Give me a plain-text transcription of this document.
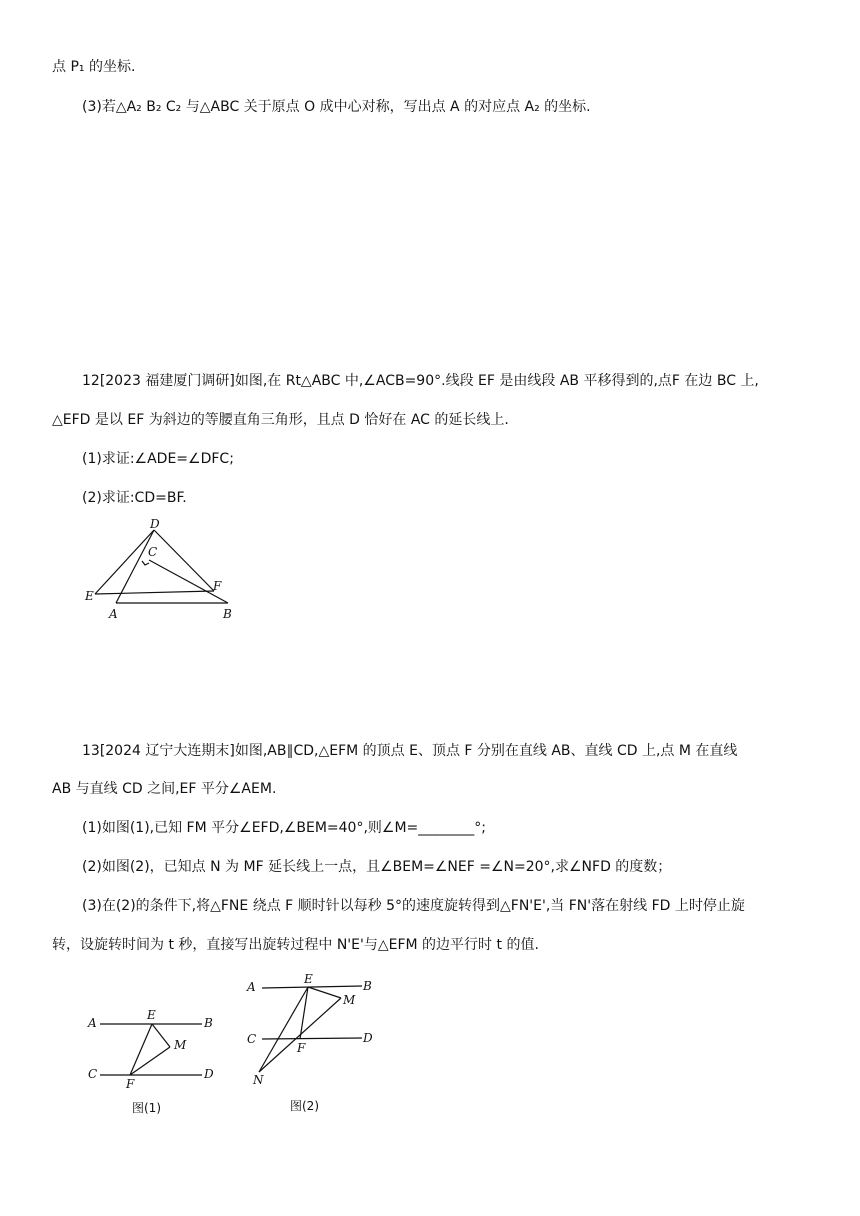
点 P₁ 的坐标.
(3)若△A₂ B₂ C₂ 与△ABC 关于原点 O 成中心对称，写出点 A 的对应点 A₂ 的坐标.
12[2023 福建厦门调研]如图,在 Rt△ABC 中,∠ACB=90°.线段 EF 是由线段 AB 平移得到的,点F 在边 BC 上,
△EFD 是以 EF 为斜边的等腰直角三角形，且点 D 恰好在 AC 的延长线上.
(1)求证:∠ADE=∠DFC;
(2)求证:CD=BF.
D
C
E
F
A	B
13[2024 辽宁大连期末]如图,AB∥CD,△EFM 的顶点 E、顶点 F 分别在直线 AB、直线 CD 上,点 M 在直线
AB 与直线 CD 之间,EF 平分∠AEM.
(1)如图(1),已知 FM 平分∠EFD,∠BEM=40°,则∠M=________°;
(2)如图(2)，已知点 N 为 MF 延长线上一点，且∠BEM=∠NEF =∠N=20°,求∠NFD 的度数；
(3)在(2)的条件下,将△FNE 绕点 F 顺时针以每秒 5°的速度旋转得到△FN'E',当 FN'落在射线 FD 上时停止旋
转，设旋转时间为 t 秒，直接写出旋转过程中 N'E'与△EFM 的边平行时 t 的值.
A	B
E
M
C	D
F
图(1)
A
E	B
M
C
F
D
N
图(2)
